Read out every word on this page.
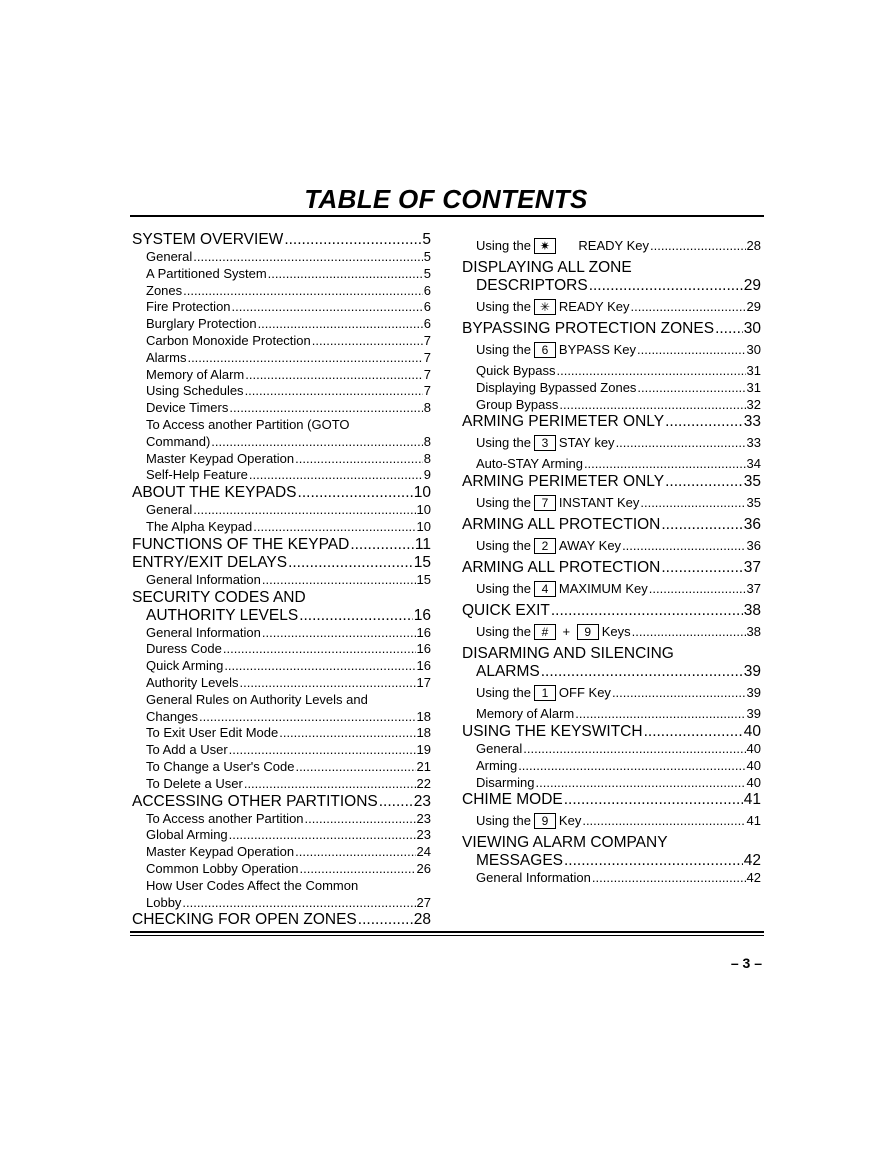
TABLE OF CONTENTS
SYSTEM OVERVIEW .....	5
General .....	5
A Partitioned System .....	5
Zones .....	6
Fire Protection .....	6
Burglary Protection .....	6
Carbon Monoxide Protection .....	7
Alarms .....	7
Memory of Alarm .....	7
Using Schedules .....	7
Device Timers .....	8
To Access another Partition (GOTO
Command) .....	8
Master Keypad Operation .....	8
Self-Help Feature .....	9
ABOUT THE KEYPADS .....	10
General .....	10
The Alpha Keypad .....	10
FUNCTIONS OF THE KEYPAD .....	11
ENTRY/EXIT DELAYS .....	15
General Information .....	15
SECURITY CODES AND
AUTHORITY LEVELS .....	16
General Information .....	16
Duress Code .....	16
Quick Arming .....	16
Authority Levels .....	17
General Rules on Authority Levels and
Changes .....	18
To Exit User Edit Mode .....	18
To Add a User .....	19
To Change a User's Code .....	21
To Delete a User .....	22
ACCESSING OTHER PARTITIONS ..... 23
To Access another Partition .....	23
Global Arming .....	23
Master Keypad Operation .....	24
Common Lobby Operation .....	26
How User Codes Affect the Common
Lobby .....	27
CHECKING FOR OPEN ZONES .....	28
Using the ✷   READY Key .....	28
DISPLAYING ALL ZONE
DESCRIPTORS .....	29
Using the ✳ READY Key .....	29
BYPASSING PROTECTION ZONES ..... 30
Using the 6 BYPASS Key .....	30
Quick Bypass .....	31
Displaying Bypassed Zones .....	31
Group Bypass .....	32
ARMING PERIMETER ONLY .....	33
Using the 3 STAY key .....	33
Auto-STAY Arming .....	34
ARMING PERIMETER ONLY .....	35
Using the 7 INSTANT Key .....	35
ARMING ALL PROTECTION .....	36
Using the 2 AWAY Key .....	36
ARMING ALL PROTECTION .....	37
Using the 4 MAXIMUM Key .....	37
QUICK EXIT .....	38
Using the # + 9 Keys .....	38
DISARMING AND SILENCING
ALARMS .....	39
Using the 1 OFF Key .....	39
Memory of Alarm .....	39
USING THE KEYSWITCH .....	40
General .....	40
Arming .....	40
Disarming .....	40
CHIME MODE .....	41
Using the 9 Key .....	41
VIEWING ALARM COMPANY
MESSAGES .....	42
General Information .....	42
– 3 –
